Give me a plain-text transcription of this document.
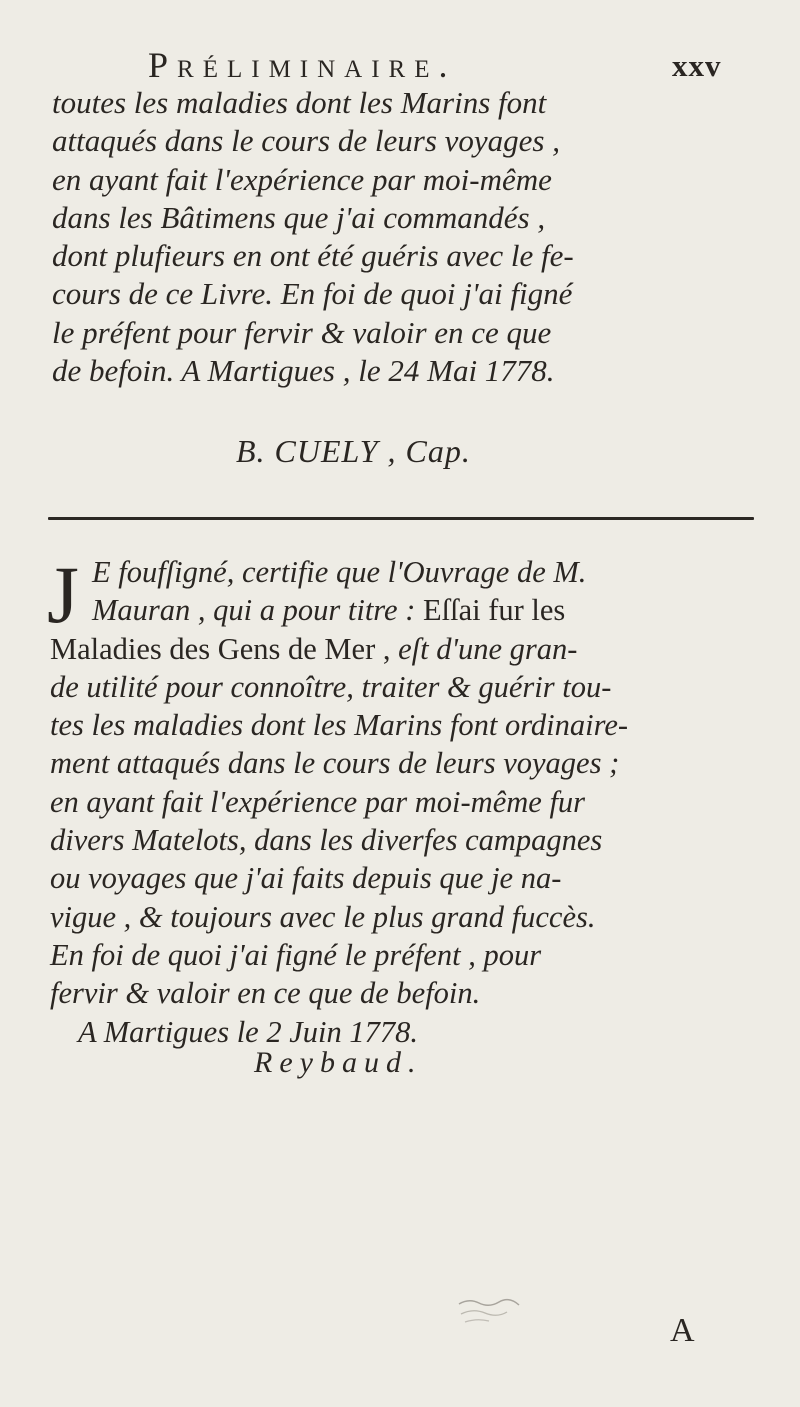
Préliminaire.	xxv
toutes les maladies dont les Marins font
attaqués dans le cours de leurs voyages ,
en ayant fait l'expérience par moi-même
dans les Bâtimens que j'ai commandés ,
dont plufieurs en ont été guéris avec le fe-
cours de ce Livre. En foi de quoi j'ai figné
le préfent pour fervir & valoir en ce que
de befoin. A Martigues , le 24 Mai 1778.
B. CUELY , Cap.
J E foufſigné, certifie que l'Ouvrage de M.
Mauran , qui a pour titre : Eſſai fur les
Maladies des Gens de Mer , eſt d'une gran-
de utilité pour connoître, traiter & guérir tou-
tes les maladies dont les Marins font ordinaire-
ment attaqués dans le cours de leurs voyages ;
en ayant fait l'expérience par moi-même fur
divers Matelots, dans les diverfes campagnes
ou voyages que j'ai faits depuis que je na-
vigue , & toujours avec le plus grand fuccès.
En foi de quoi j'ai figné le préfent , pour
fervir & valoir en ce que de befoin.
A Martigues le 2 Juin 1778.
Reybaud.
A
